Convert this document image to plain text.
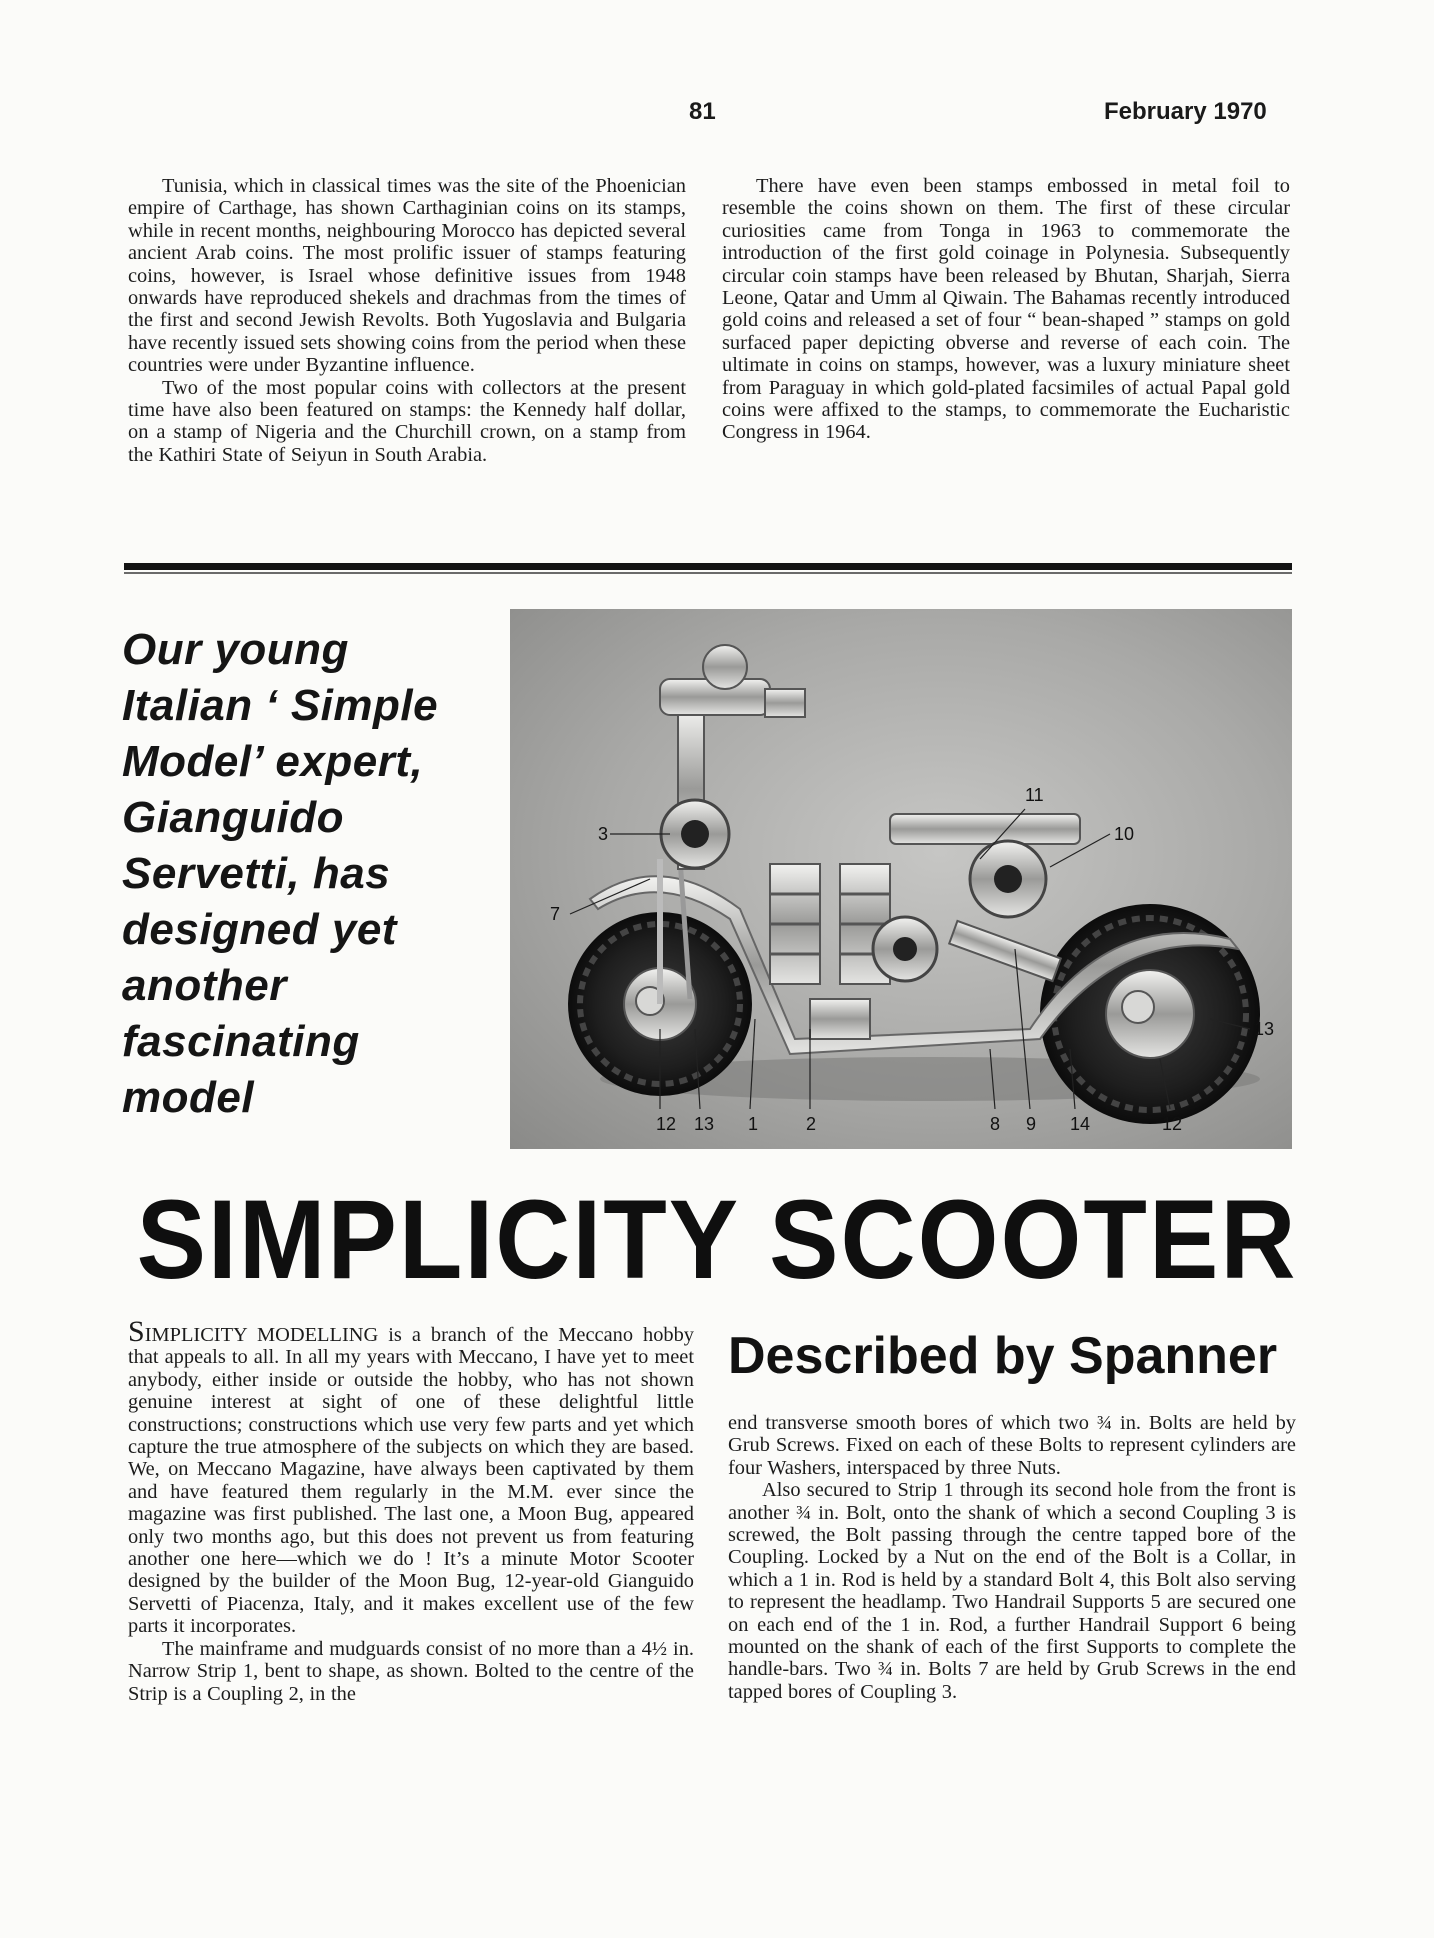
81	February 1970

Tunisia, which in classical times was the site of the Phoenician empire of Carthage, has shown Carthaginian coins on its stamps, while in recent months, neighbouring Morocco has depicted several ancient Arab coins. The most prolific issuer of stamps featuring coins, however, is Israel whose definitive issues from 1948 onwards have reproduced shekels and drachmas from the times of the first and second Jewish Revolts. Both Yugoslavia and Bulgaria have recently issued sets showing coins from the period when these countries were under Byzantine influence.

Two of the most popular coins with collectors at the present time have also been featured on stamps: the Kennedy half dollar, on a stamp of Nigeria and the Churchill crown, on a stamp from the Kathiri State of Seiyun in South Arabia.

There have even been stamps embossed in metal foil to resemble the coins shown on them. The first of these circular curiosities came from Tonga in 1963 to commemorate the introduction of the first gold coinage in Polynesia. Subsequently circular coin stamps have been released by Bhutan, Sharjah, Sierra Leone, Qatar and Umm al Qiwain. The Bahamas recently introduced gold coins and released a set of four “ bean-shaped ” stamps on gold surfaced paper depicting obverse and reverse of each coin. The ultimate in coins on stamps, however, was a luxury miniature sheet from Paraguay in which gold-plated facsimiles of actual Papal gold coins were affixed to the stamps, to commemorate the Eucharistic Congress in 1964.

Our young
Italian ‘ Simple
Model’ expert,
Gianguido
Servetti, has
designed yet
another
fascinating
model
3
7
11
10
13
12 13 1	2	8 9 14	12
SIMPLICITY SCOOTER
Described by Spanner

SIMPLICITY MODELLING is a branch of the Meccano hobby that appeals to all. In all my years with Meccano, I have yet to meet anybody, either inside or outside the hobby, who has not shown genuine interest at sight of one of these delightful little constructions; constructions which use very few parts and yet which capture the true atmosphere of the subjects on which they are based. We, on Meccano Magazine, have always been captivated by them and have featured them regularly in the M.M. ever since the magazine was first published. The last one, a Moon Bug, appeared only two months ago, but this does not prevent us from featuring another one here—which we do ! It’s a minute Motor Scooter designed by the builder of the Moon Bug, 12-year-old Gianguido Servetti of Piacenza, Italy, and it makes excellent use of the few parts it incorporates.

The mainframe and mudguards consist of no more than a 4½ in. Narrow Strip 1, bent to shape, as shown. Bolted to the centre of the Strip is a Coupling 2, in the

end transverse smooth bores of which two ¾ in. Bolts are held by Grub Screws. Fixed on each of these Bolts to represent cylinders are four Washers, interspaced by three Nuts.

Also secured to Strip 1 through its second hole from the front is another ¾ in. Bolt, onto the shank of which a second Coupling 3 is screwed, the Bolt passing through the centre tapped bore of the Coupling. Locked by a Nut on the end of the Bolt is a Collar, in which a 1 in. Rod is held by a standard Bolt 4, this Bolt also serving to represent the headlamp. Two Handrail Supports 5 are secured one on each end of the 1 in. Rod, a further Handrail Support 6 being mounted on the shank of each of the first Supports to complete the handle-bars. Two ¾ in. Bolts 7 are held by Grub Screws in the end tapped bores of Coupling 3.
